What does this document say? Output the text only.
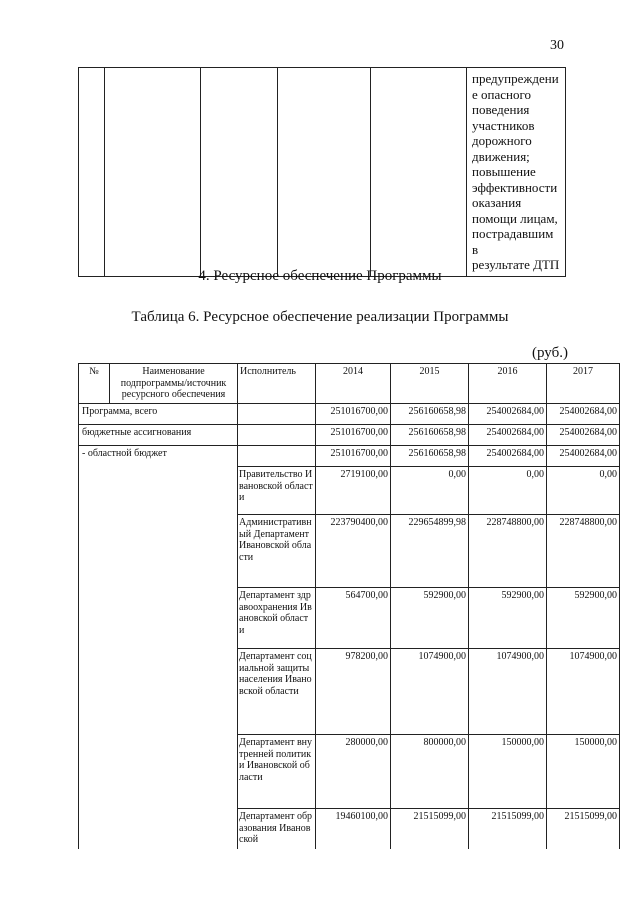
30

предупреждени
е опасного
поведения
участников
дорожного
движения;
повышение
эффективности
оказания
помощи лицам,
пострадавшим в
результате ДТП
4. Ресурсное обеспечение Программы
Таблица 6. Ресурсное обеспечение реализации Программы
(руб.)
№	Наименование подпрограммы/источник ресурсного обеспечения	Исполнитель	2014	2015	2016	2017
Программа, всего			251016700,00	256160658,98	254002684,00	254002684,00
бюджетные ассигнования			251016700,00	256160658,98	254002684,00	254002684,00
- областной бюджет			251016700,00	256160658,98	254002684,00	254002684,00
		Правительство Ивановской области	2719100,00	0,00	0,00	0,00
		Административный Департамент Ивановской области	223790400,00	229654899,98	228748800,00	228748800,00
		Департамент здравоохранения Ивановской области	564700,00	592900,00	592900,00	592900,00
		Департамент социальной защиты населения Ивановской области	978200,00	1074900,00	1074900,00	1074900,00
		Департамент внутренней политики Ивановской области	280000,00	800000,00	150000,00	150000,00
		Департамент образования Ивановской	19460100,00	21515099,00	21515099,00	21515099,00
